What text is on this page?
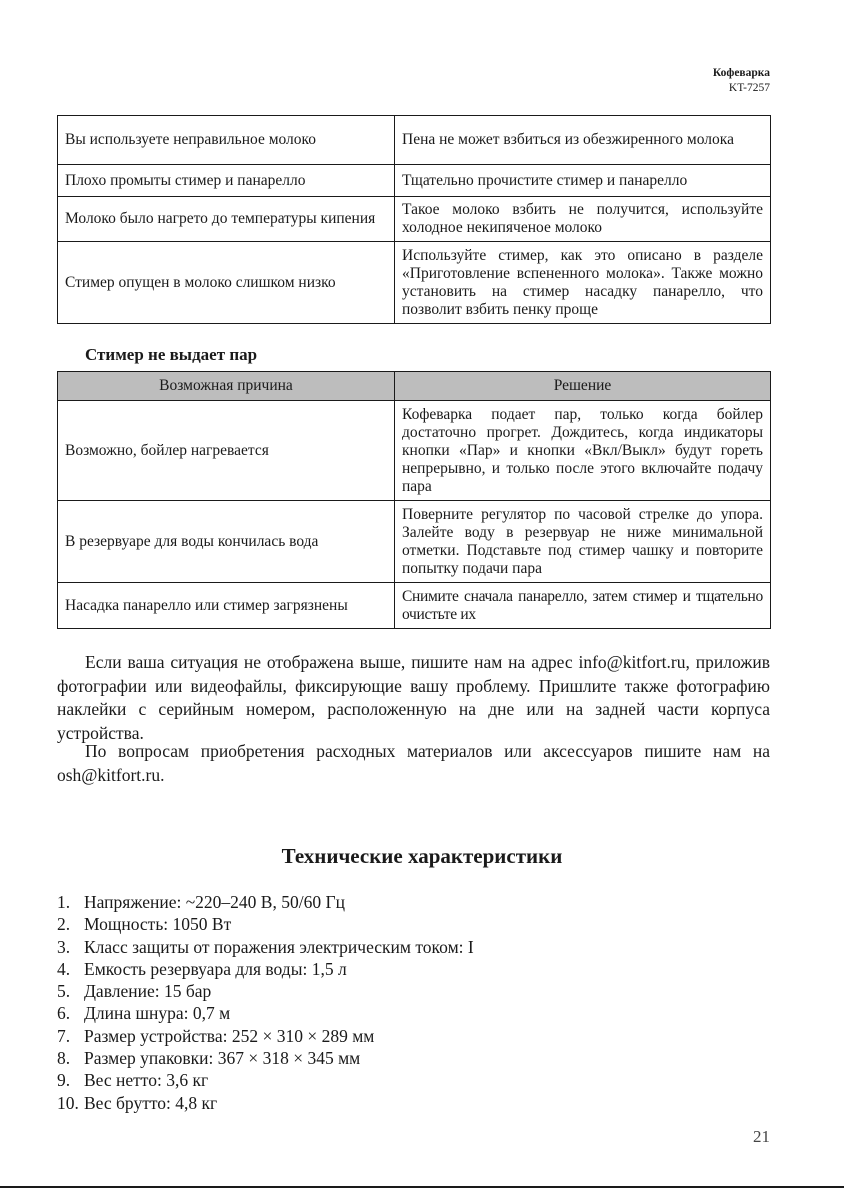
Кофеварка
KT-7257
Вы используете неправильное молоко	Пена не может взбиться из обезжиренного молока
Плохо промыты стимер и панарелло	Тщательно прочистите стимер и панарелло
Молоко было нагрето до температуры кипения	Такое молоко взбить не получится, используйте холодное некипяченое молоко
Стимер опущен в молоко слишком низко	Используйте стимер, как это описано в разделе «Приготовление вспененного молока». Также можно установить на стимер насадку панарелло, что позволит взбить пенку проще
Стимер не выдает пар
Возможная причина	Решение
Возможно, бойлер нагревается	Кофеварка подает пар, только когда бойлер достаточно прогрет. Дождитесь, когда индикаторы кнопки «Пар» и кнопки «Вкл/Выкл» будут гореть непрерывно, и только после этого включайте подачу пара
В резервуаре для воды кончилась вода	Поверните регулятор по часовой стрелке до упора. Залейте воду в резервуар не ниже минимальной отметки. Подставьте под стимер чашку и повторите попытку подачи пара
Насадка панарелло или стимер загрязнены	Снимите сначала панарелло, затем стимер и тщательно очистьте их

Если ваша ситуация не отображена выше, пишите нам на адрес info@kitfort.ru, приложив фотографии или видеофайлы, фиксирующие вашу проблему. Пришлите также фотографию наклейки с серийным номером, расположенную на дне или на задней части корпуса устройства.

По вопросам приобретения расходных материалов или аксессуаров пишите нам на osh@kitfort.ru.

Технические характеристики
1. Напряжение: ~220–240 В, 50/60 Гц
2. Мощность: 1050 Вт
3. Класс защиты от поражения электрическим током: I
4. Емкость резервуара для воды: 1,5 л
5. Давление: 15 бар
6. Длина шнура: 0,7 м
7. Размер устройства: 252 × 310 × 289 мм
8. Размер упаковки: 367 × 318 × 345 мм
9. Вес нетто: 3,6 кг
10. Вес брутто: 4,8 кг
21
